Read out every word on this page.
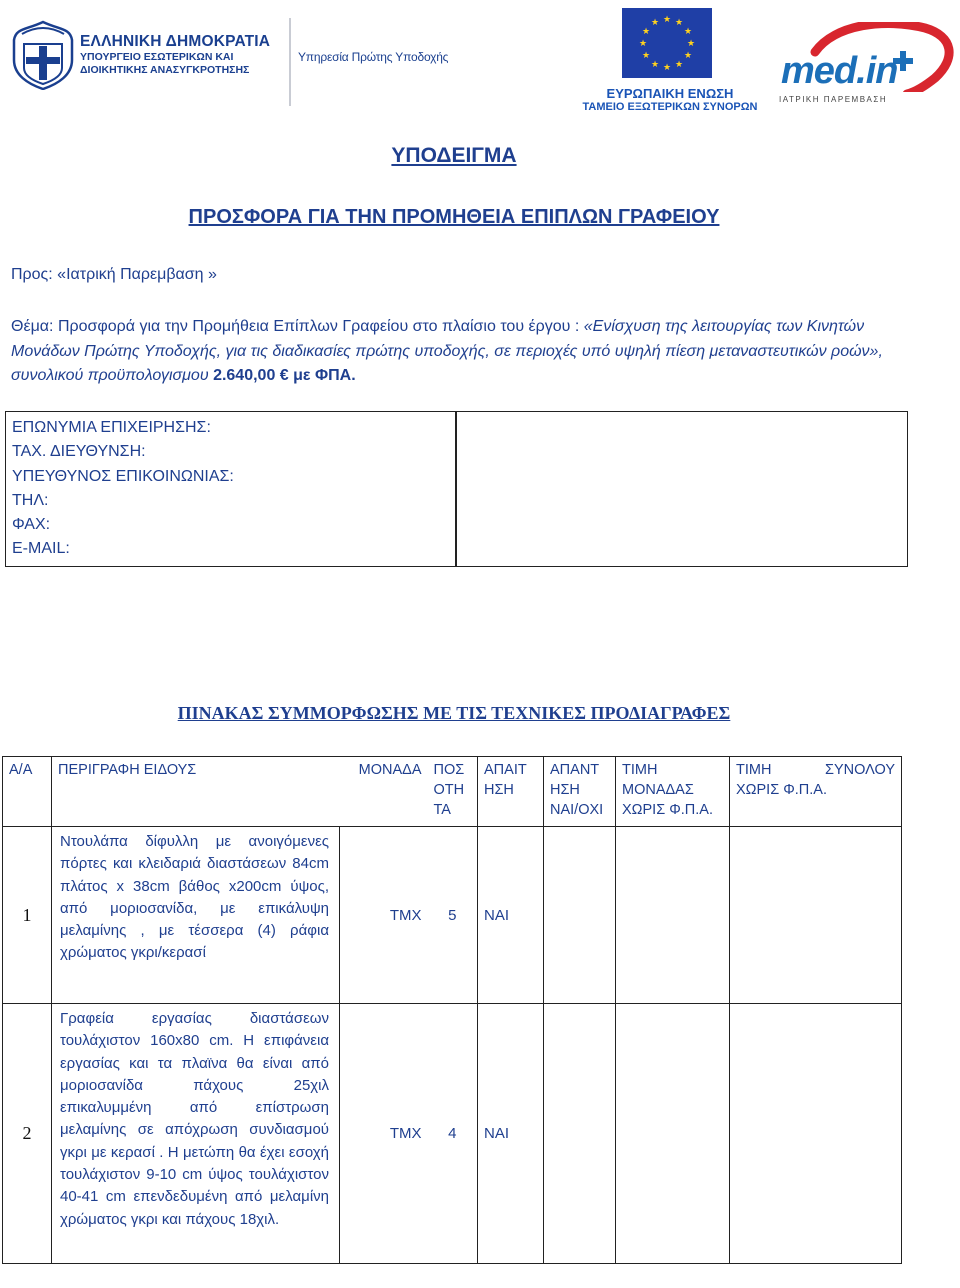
ΕΛΛΗΝΙΚΗ ΔΗΜΟΚΡΑΤΙΑ
ΥΠΟΥΡΓΕΙΟ ΕΣΩΤΕΡΙΚΩΝ ΚΑΙ
ΔΙΟΙΚΗΤΙΚΗΣ ΑΝΑΣΥΓΚΡΟΤΗΣΗΣ
Υπηρεσία Πρώτης Υποδοχής
★ ★
★
★
★
★
★
★
★
★
★
★
ΕΥΡΩΠΑΙΚΗ ΕΝΩΣΗ
ΤΑΜΕΙΟ ΕΞΩΤΕΡΙΚΩΝ ΣΥΝΟΡΩΝ
med.in
ΙΑΤΡΙΚΗ ΠΑΡΕΜΒΑΣΗ
ΥΠΟΔΕΙΓΜΑ
ΠΡΟΣΦΟΡΑ ΓΙΑ ΤΗΝ ΠΡΟΜΗΘΕΙΑ ΕΠΙΠΛΩΝ ΓΡΑΦΕΙΟΥ
Προς: «Ιατρική Παρεμβαση »
Θέμα: Προσφορά για την Προμήθεια Επίπλων Γραφείου στο πλαίσιο του έργου : «Ενίσχυση της λειτουργίας των Κινητών Μονάδων Πρώτης Υποδοχής, για τις διαδικασίες πρώτης υποδοχής, σε περιοχές υπό υψηλή πίεση μεταναστευτικών ροών», συνολικού προϋπολογισμου 2.640,00 € με ΦΠΑ.
ΕΠΩΝΥΜΙΑ ΕΠΙΧΕΙΡΗΣΗΣ:
ΤΑΧ. ΔΙΕΥΘΥΝΣΗ:
ΥΠΕΥΘΥΝΟΣ ΕΠΙΚΟΙΝΩΝΙΑΣ:
ΤΗΛ:
ΦΑΧ:
E-MAIL:
ΠΙΝΑΚΑΣ ΣΥΜΜΟΡΦΩΣΗΣ ΜΕ ΤΙΣ ΤΕΧΝΙΚΕΣ ΠΡΟΔΙΑΓΡΑΦΕΣ
Α/Α	ΠΕΡΙΓΡΑΦΗ ΕΙΔΟΥΣ	ΜΟΝΑΔΑ	ΠΟΣ ΟΤΗ ΤΑ	ΑΠΑΙΤ ΗΣΗ	ΑΠΑΝΤ ΗΣΗ ΝΑΙ/ΟΧΙ	ΤΙΜΗ ΜΟΝΑΔΑΣ ΧΩΡΙΣ Φ.Π.Α.	ΤΙΜΗ ΣΥΝΟΛΟΥ
ΧΩΡΙΣ Φ.Π.Α.

1	Ντουλάπα δίφυλλη με ανοιγόμενες πόρτες και κλειδαριά διαστάσεων 84cm πλάτος x 38cm βάθος x200cm ύψος, από μοριοσανίδα, με επικάλυψη μελαμίνης , με τέσσερα (4) ράφια χρώματος γκρι/κερασί	ΤΜΧ	5	ΝΑΙ			
2	Γραφεία εργασίας διαστάσεων τουλάχιστον 160x80 cm. Η επιφάνεια εργασίας και τα πλαϊνα θα είναι από μοριοσανίδα πάχους 25χιλ επικαλυμμένη από επίστρωση μελαμίνης σε απόχρωση συνδιασμού γκρι με κερασί . Η μετώπη θα έχει εσοχή τουλάχιστον 9-10 cm ύψος τουλάχιστον 40-41 cm επενδεδυμένη από μελαμίνη χρώματος γκρι και πάχους 18χιλ.	ΤΜΧ	4	ΝΑΙ			
